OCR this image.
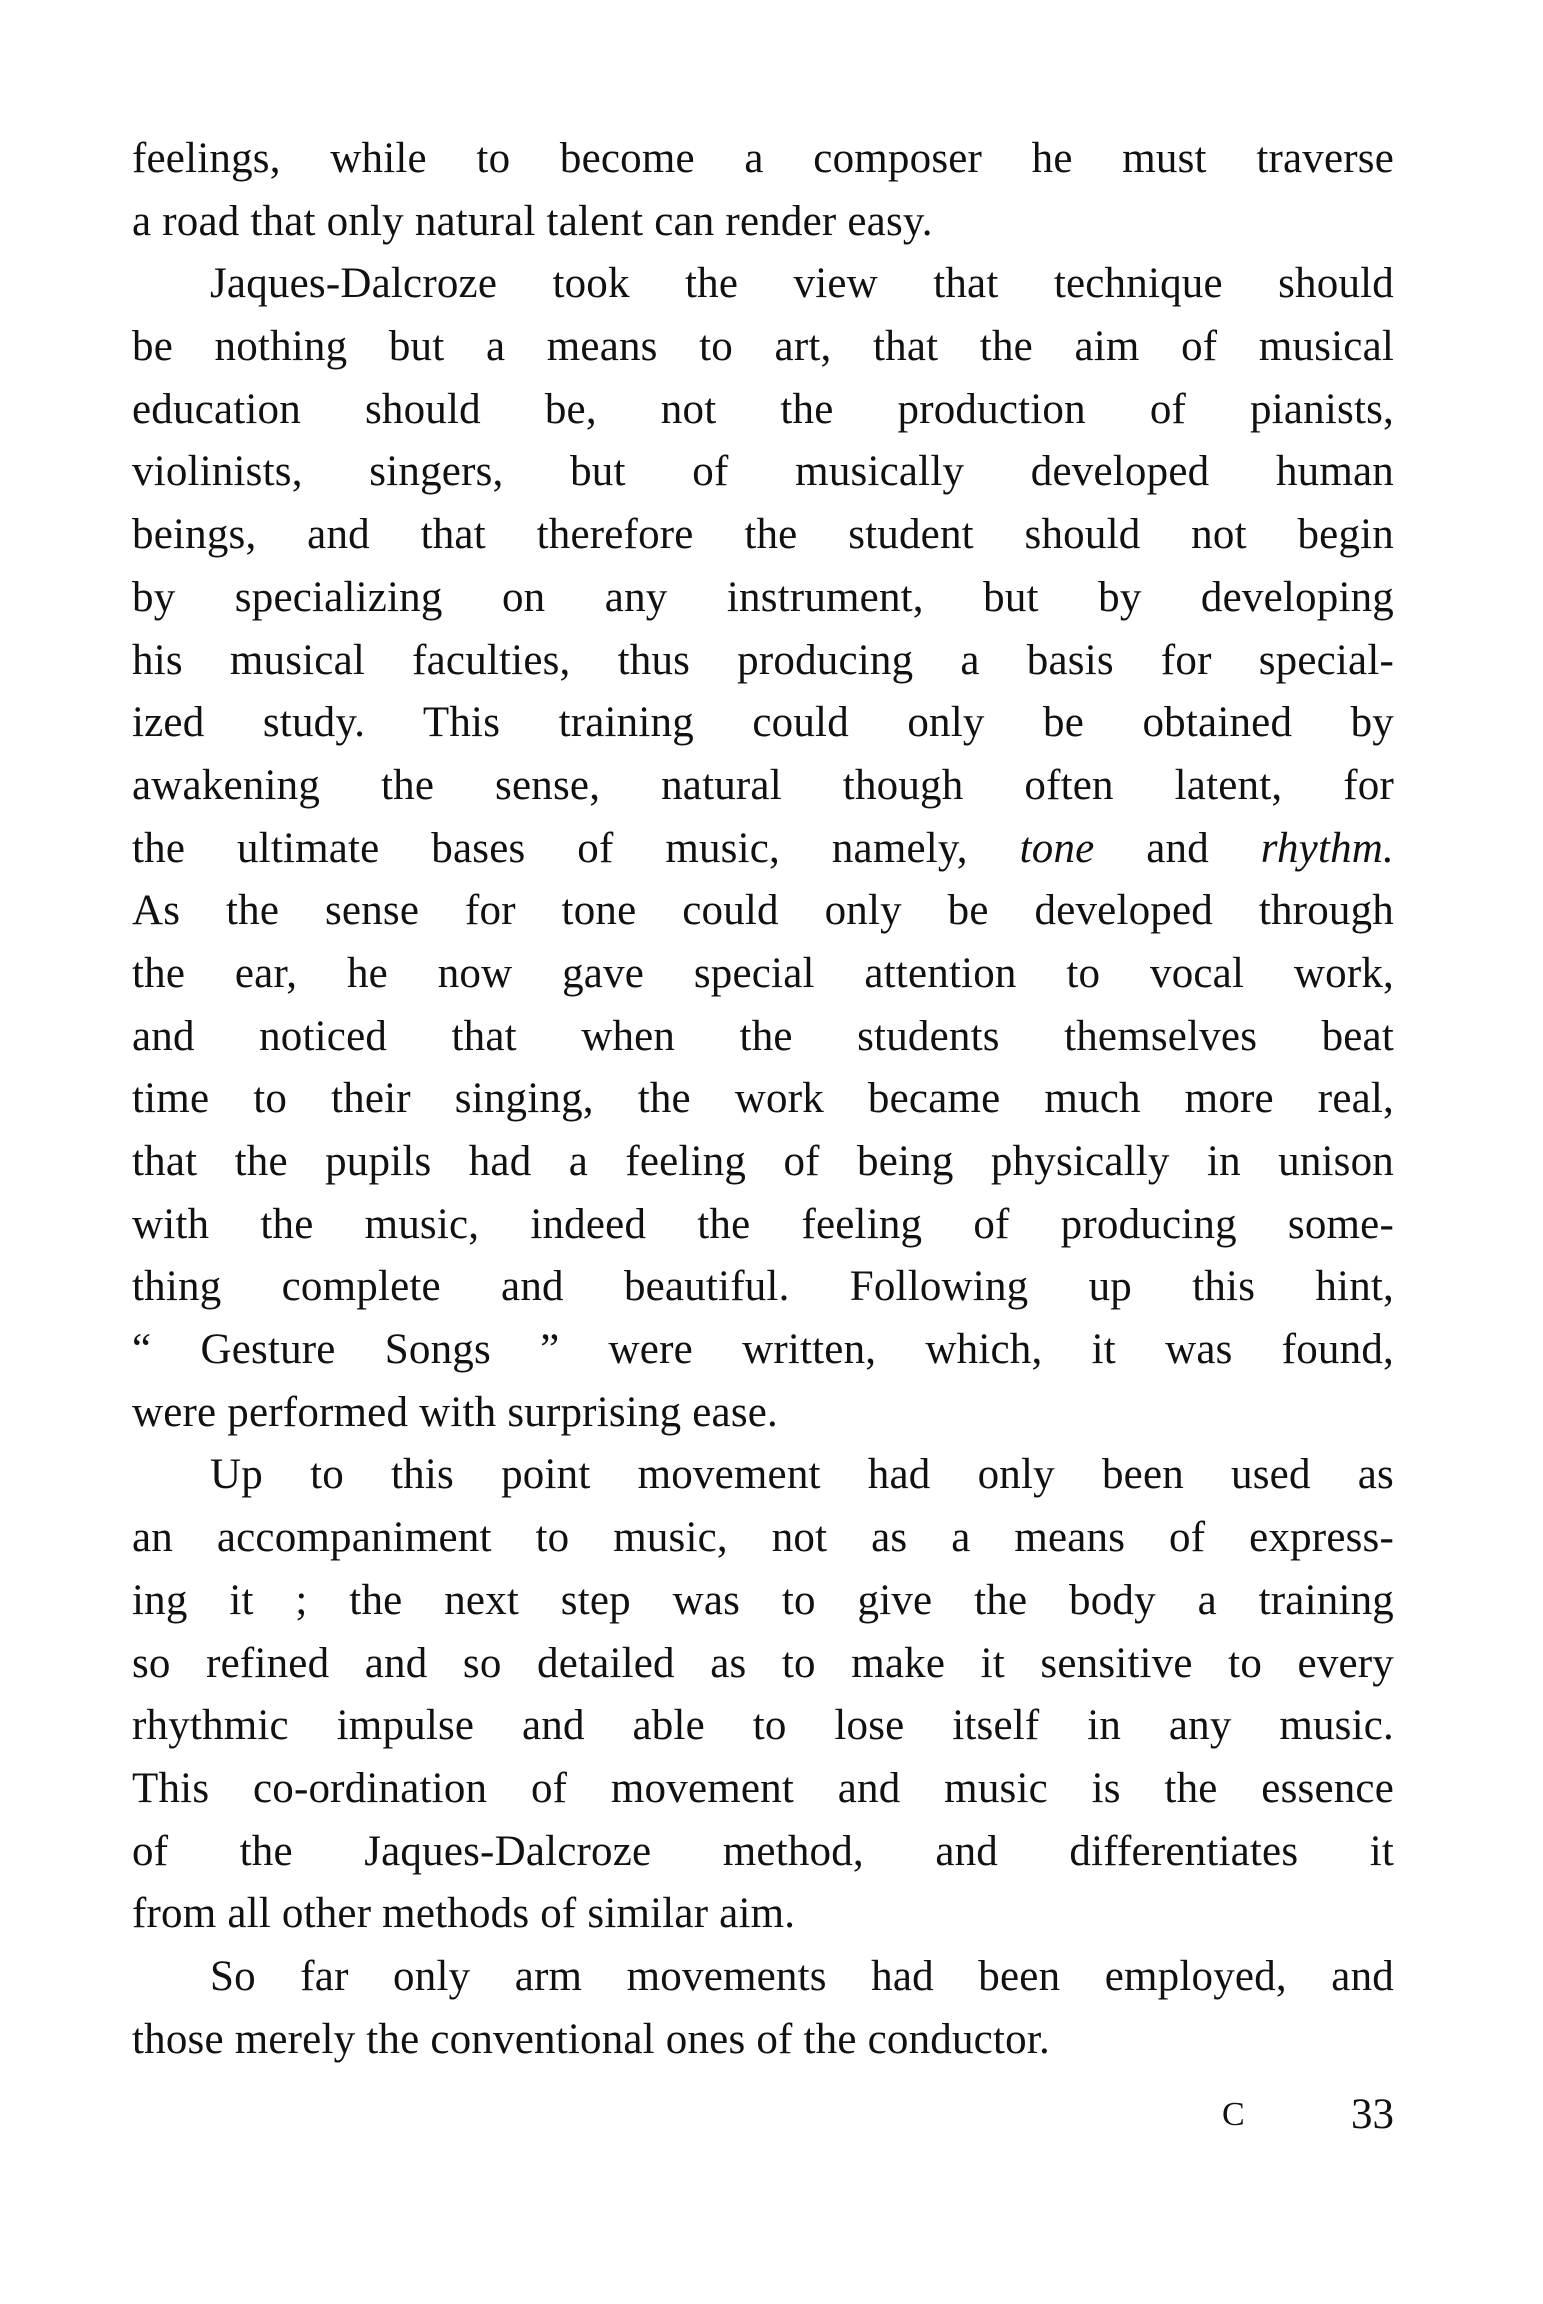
feelings, while to become a composer he must traverse
a road that only natural talent can render easy.
Jaques-Dalcroze took the view that technique should
be nothing but a means to art, that the aim of musical
education should be, not the production of pianists,
violinists, singers, but of musically developed human
beings, and that therefore the student should not begin
by specializing on any instrument, but by developing
his musical faculties, thus producing a basis for special-
ized study. This training could only be obtained by
awakening the sense, natural though often latent, for
the ultimate bases of music, namely, tone and rhythm.
As the sense for tone could only be developed through
the ear, he now gave special attention to vocal work,
and noticed that when the students themselves beat
time to their singing, the work became much more real,
that the pupils had a feeling of being physically in unison
with the music, indeed the feeling of producing some-
thing complete and beautiful. Following up this hint,
“ Gesture Songs ” were written, which, it was found,
were performed with surprising ease.
Up to this point movement had only been used as
an accompaniment to music, not as a means of express-
ing it ; the next step was to give the body a training
so refined and so detailed as to make it sensitive to every
rhythmic impulse and able to lose itself in any music.
This co-ordination of movement and music is the essence
of the Jaques-Dalcroze method, and differentiates it
from all other methods of similar aim.
So far only arm movements had been employed, and
those merely the conventional ones of the conductor.
C 33
